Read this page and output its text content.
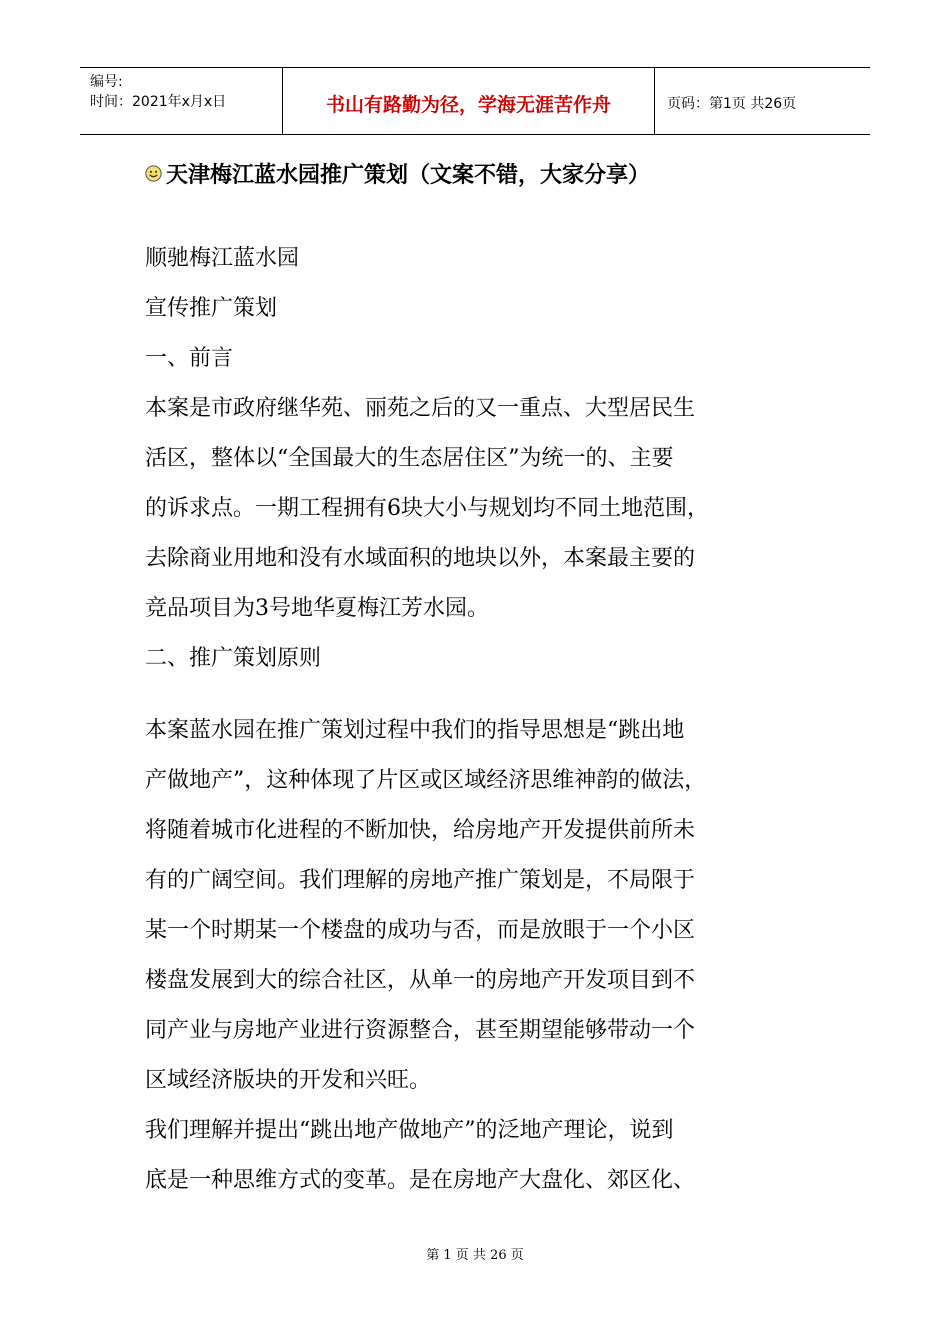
编号:
时间：2021年x月x日	书山有路勤为径，学海无涯苦作舟	页码：第1页 共26页
天津梅江蓝水园推广策划（文案不错，大家分享）

顺驰梅江蓝水园

宣传推广策划

一、前言

本案是市政府继华苑、丽苑之后的又一重点、大型居民生

活区，整体以“全国最大的生态居住区”为统一的、主要

的诉求点。一期工程拥有6块大小与规划均不同土地范围，

去除商业用地和没有水域面积的地块以外，本案最主要的

竞品项目为3号地华夏梅江芳水园。

二、推广策划原则

本案蓝水园在推广策划过程中我们的指导思想是“跳出地

产做地产”，这种体现了片区或区域经济思维神韵的做法，

将随着城市化进程的不断加快，给房地产开发提供前所未

有的广阔空间。我们理解的房地产推广策划是，不局限于

某一个时期某一个楼盘的成功与否，而是放眼于一个小区

楼盘发展到大的综合社区，从单一的房地产开发项目到不

同产业与房地产业进行资源整合，甚至期望能够带动一个

区域经济版块的开发和兴旺。

我们理解并提出“跳出地产做地产”的泛地产理论，说到

底是一种思维方式的变革。是在房地产大盘化、郊区化、

第 1 页 共 26 页
